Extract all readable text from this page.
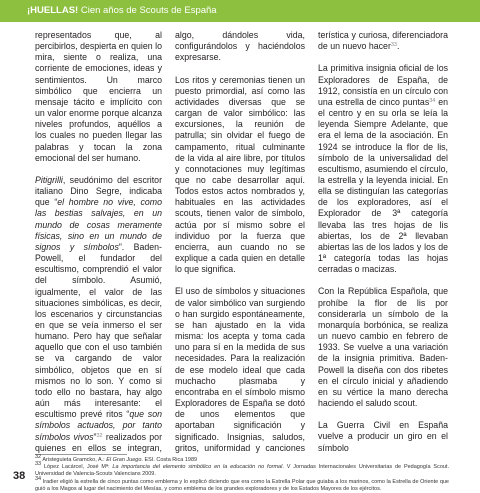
¡HUELLAS! Cien años de Scouts de España

representados que, al percibirlos, despierta en quien lo mira, siente o realiza, una corriente de emociones, ideas y sentimientos. Un marco simbólico que encierra un mensaje tácito e implícito con un valor enorme porque alcanza niveles profundos, aquéllos a los cuales no pueden llegar las palabras y tocan la zona emocional del ser humano.

Pitigrilli, seudónimo del escritor italiano Dino Segre, indicaba que “el hombre no vive, como las bestias salvajes, en un mundo de cosas meramente físicas, sino en un mundo de signos y símbolos”. Baden-Powell, el fundador del escultismo, comprendió el valor del símbolo. Asumió, igualmente, el valor de las situaciones simbólicas, es decir, los escenarios y circunstancias en que se veía inmerso el ser humano. Pero hay que señalar aquello que con el uso también se va cargando de valor simbólico, objetos que en sí mismos no lo son. Y como si todo ello no bastara, hay algo aún más interesante: el escultismo prevé ritos “que son símbolos actuados, por tanto símbolos vivos”$^{32}$ realizados por quienes en ellos se integran,

algo, dándoles vida, configurándolos y haciéndolos expresarse.

Los ritos y ceremonias tienen un puesto primordial, así como las actividades diversas que se cargan de valor simbólico: las excursiones, la reunión de patrulla; sin olvidar el fuego de campamento, ritual culminante de la vida al aire libre, por títulos y connotaciones muy legítimas que no cabe desarrollar aquí. Todos estos actos nombrados y, habituales en las actividades scouts, tienen valor de símbolo, actúa por sí mismo sobre el individuo por la fuerza que encierra, aun cuando no se explique a cada quien en detalle lo que significa.

El uso de símbolos y situaciones de valor simbólico van surgiendo o han surgido espontáneamente, se han ajustado en la vida misma: los acepta y toma cada uno para sí en la medida de sus necesidades. Para la realización de ese modelo ideal que cada muchacho plasmaba y encontraba en el símbolo mismo Exploradores de España se dotó de unos elementos que aportaban significación y significado. Insignias, saludos, gritos, uniformidad y canciones

terística y curiosa, diferenciadora de un nuevo hacer$^{33}$.

La primitiva insignia oficial de los Exploradores de España, de 1912, consistía en un círculo con una estrella de cinco puntas$^{34}$ en el centro y en su orla se leía la leyenda Siempre Adelante, que era el lema de la asociación. En 1924 se introduce la flor de lis, símbolo de la universalidad del escultismo, asumiendo el círculo, la estrella y la leyenda inicial. En ella se distinguían las categorías de los exploradores, así el Explorador de 3ª categoría llevaba las tres hojas de lis abiertas, los de 2ª llevaban abiertas las de los lados y los de 1ª categoría todas las hojas cerradas o macizas.

Con la República Española, que prohíbe la flor de lis por considerarla un símbolo de la monarquía borbónica, se realiza un nuevo cambio en febrero de 1933. Se vuelve a una variación de la insignia primitiva. Baden-Powell la diseña con dos ribetes en el círculo inicial y añadiendo en su vértice la mano derecha haciendo el saludo scout.

La Guerra Civil en España vuelve a producir un giro en el símbolo

$^{32}$ Aristeguieta Gramcko, A.: El Gran Juego. ESI. Costa Rica 1989
$^{33}$ López Lacárcel, José Mª: La importancia del elemento simbólico en la educación no formal. V Jornadas Internacionales Universitarias de Pedagogía Scout. Universidad de Valencia-Scouts Valencians 2009.
$^{34}$ Iradier eligió la estrella de cinco puntas como emblema y lo explicó diciendo que era como la Estrella Polar que guiaba a los marinos, como la Estrella de Oriente que guió a los Magos al lugar del nacimiento del Mesías, y como emblema de los grandes exploradores y de los Estados Mayores de los ejércitos.
38
